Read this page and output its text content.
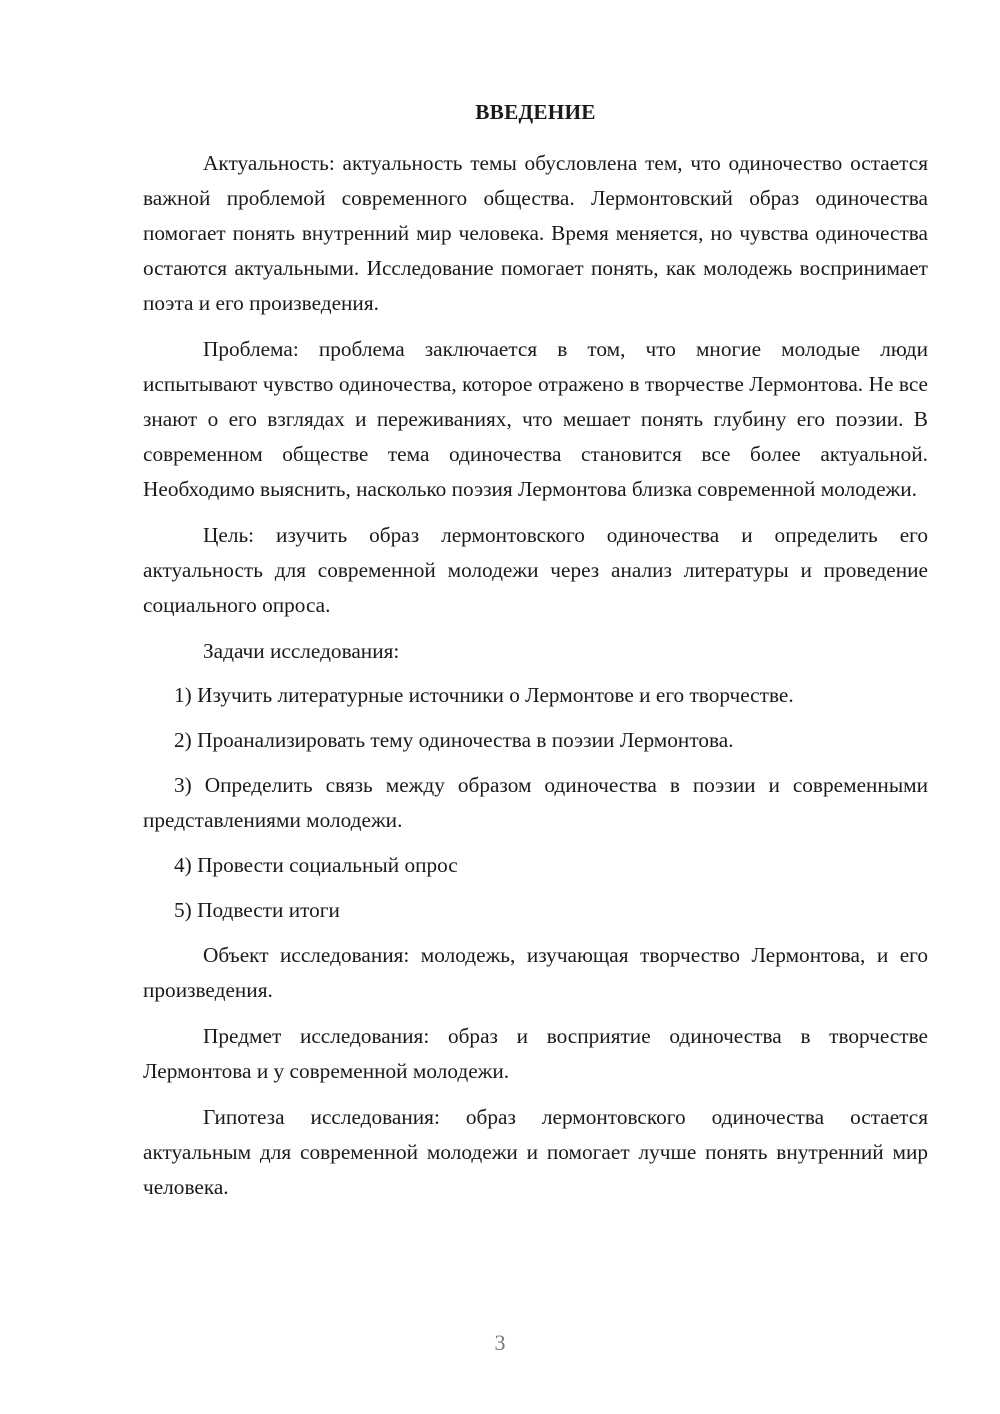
ВВЕДЕНИЕ

Актуальность: актуальность темы обусловлена тем, что одиночество остается важной проблемой современного общества. Лермонтовский образ одиночества помогает понять внутренний мир человека. Время меняется, но чувства одиночества остаются актуальными. Исследование помогает понять, как молодежь воспринимает поэта и его произведения.

Проблема: проблема заключается в том, что многие молодые люди испытывают чувство одиночества, которое отражено в творчестве Лермонтова. Не все знают о его взглядах и переживаниях, что мешает понять глубину его поэзии. В современном обществе тема одиночества становится все более актуальной. Необходимо выяснить, насколько поэзия Лермонтова близка современной молодежи.

Цель: изучить образ лермонтовского одиночества и определить его актуальность для современной молодежи через анализ литературы и проведение социального опроса.

Задачи исследования:

1) Изучить литературные источники о Лермонтове и его творчестве.

2) Проанализировать тему одиночества в поэзии Лермонтова.

3) Определить связь между образом одиночества в поэзии и современными представлениями молодежи.

4) Провести социальный опрос

5) Подвести итоги

Объект исследования: молодежь, изучающая творчество Лермонтова, и его произведения.

Предмет исследования: образ и восприятие одиночества в творчестве Лермонтова и у современной молодежи.

Гипотеза исследования: образ лермонтовского одиночества остается актуальным для современной молодежи и помогает лучше понять внутренний мир человека.

3
